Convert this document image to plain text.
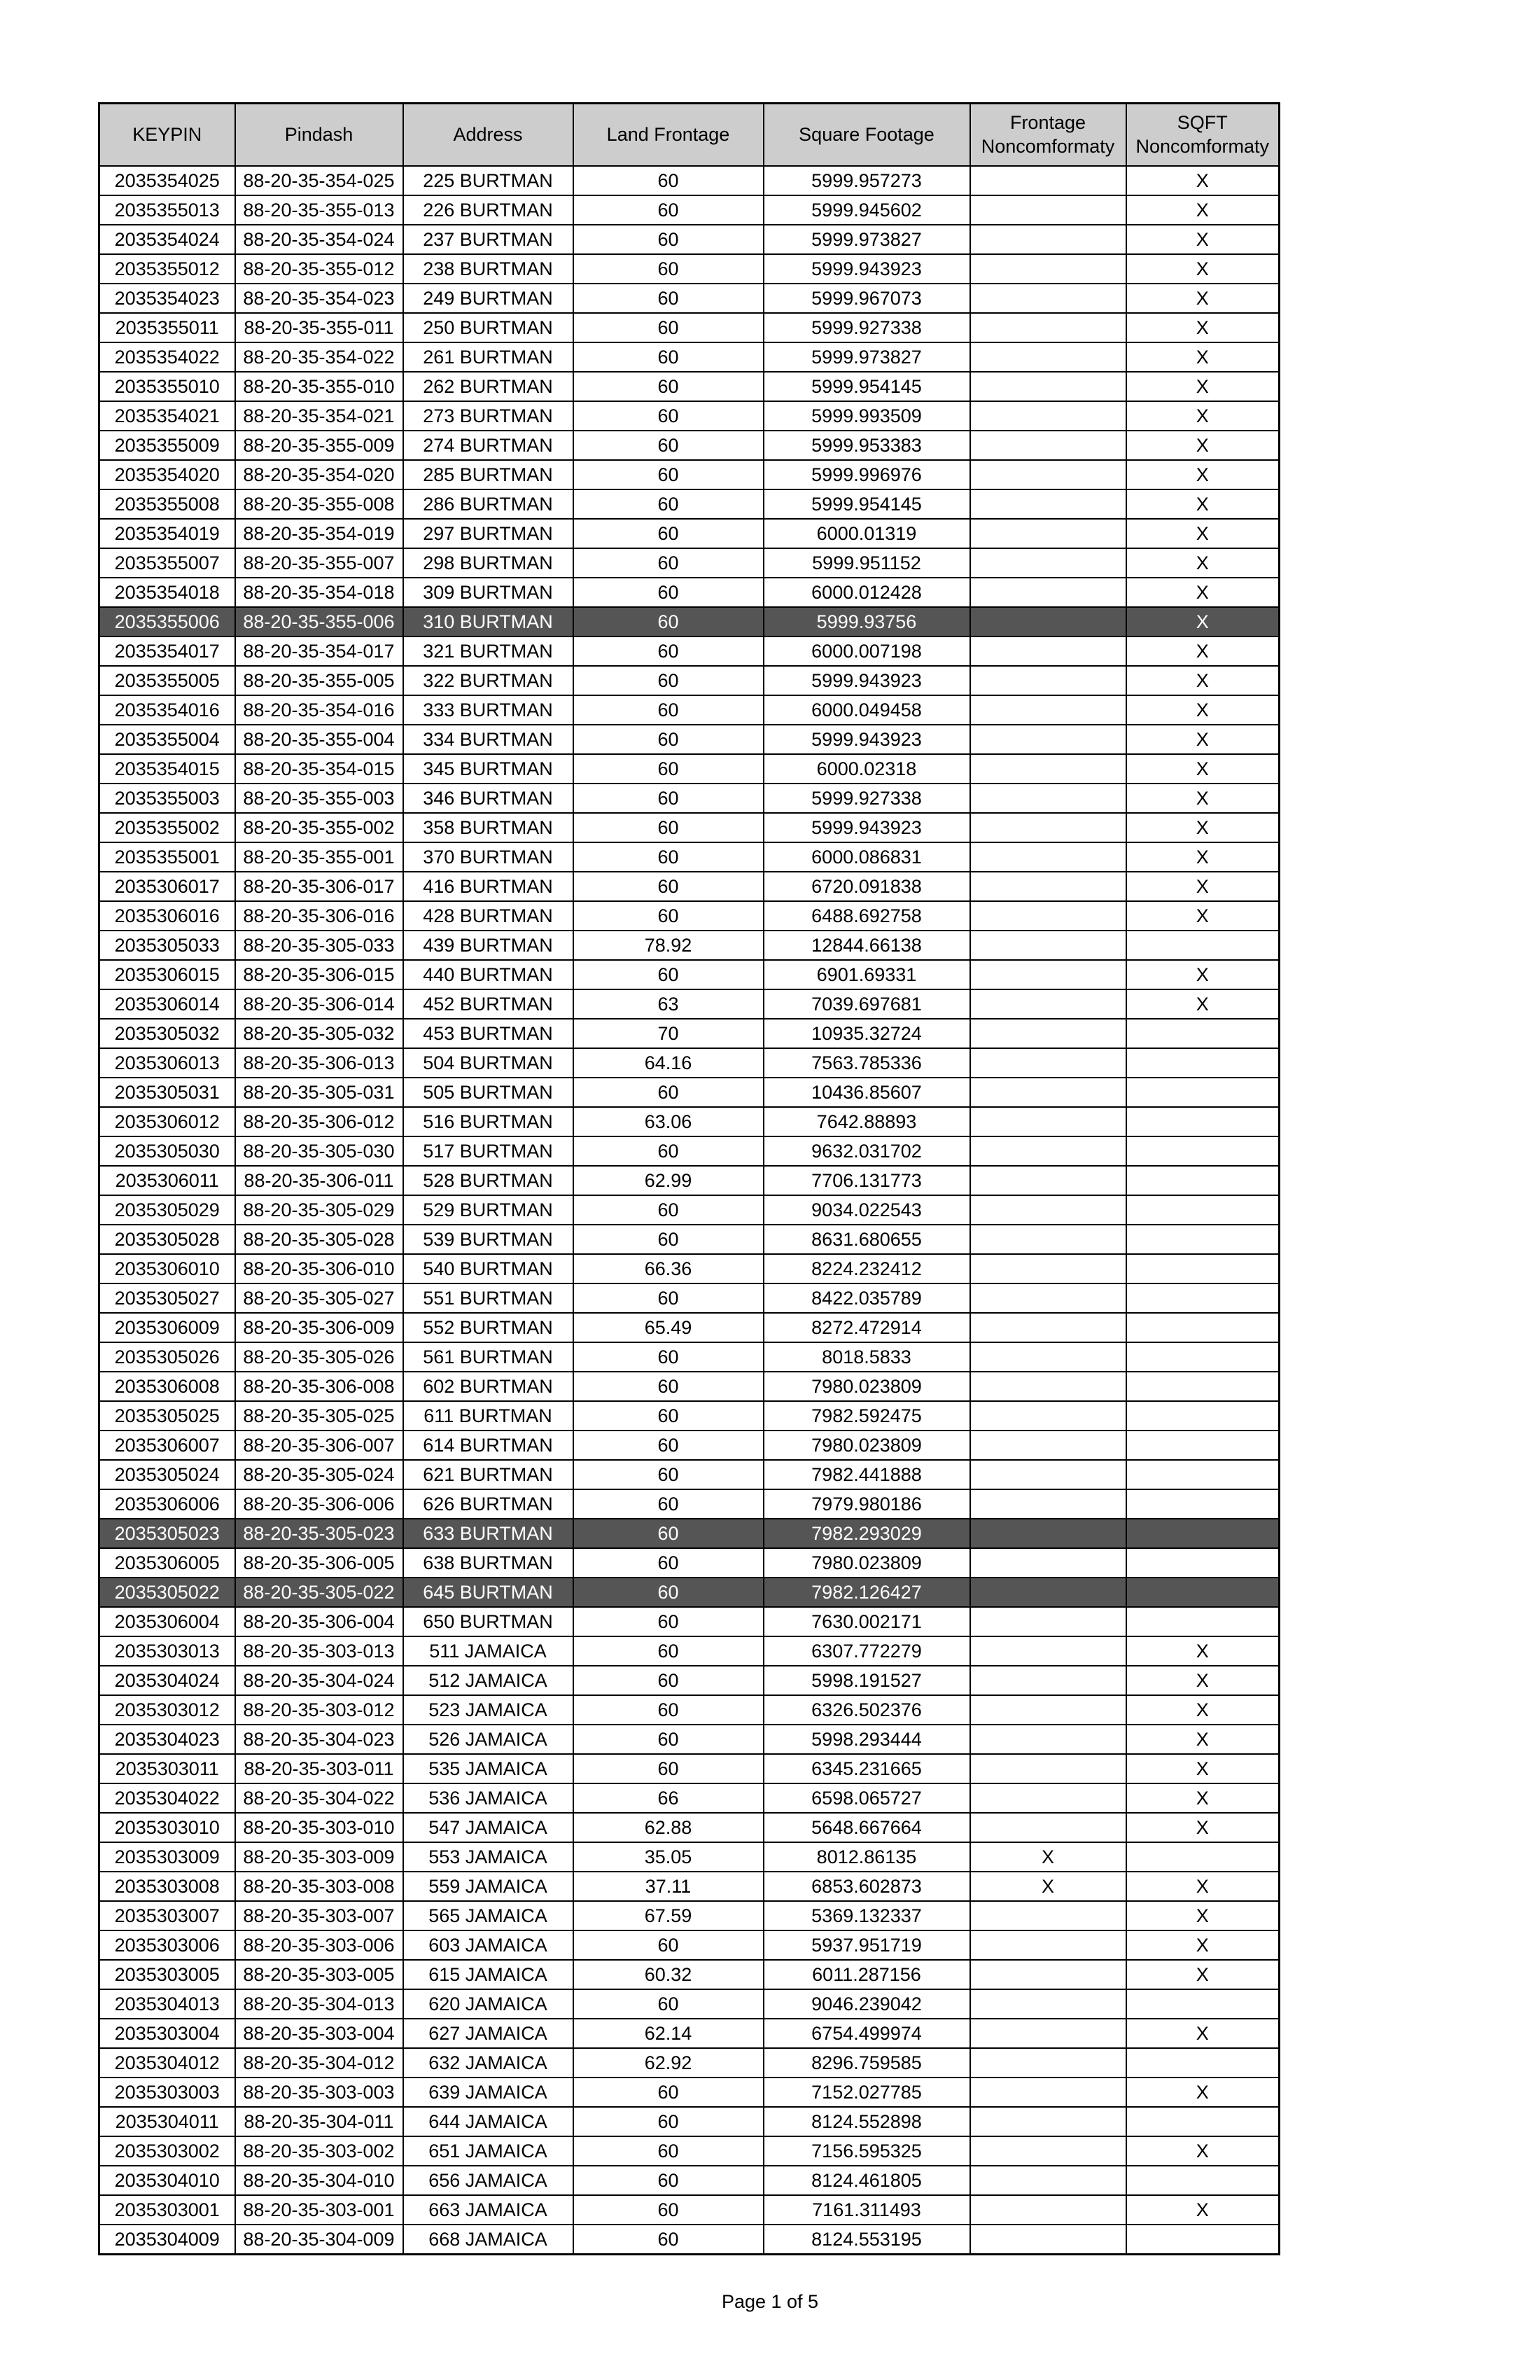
KEYPIN	Pindash	Address	Land Frontage	Square Footage	Frontage Noncomformaty	SQFT Noncomformaty
2035354025	88-20-35-354-025	225 BURTMAN	60	5999.957273		X
2035355013	88-20-35-355-013	226 BURTMAN	60	5999.945602		X
2035354024	88-20-35-354-024	237 BURTMAN	60	5999.973827		X
2035355012	88-20-35-355-012	238 BURTMAN	60	5999.943923		X
2035354023	88-20-35-354-023	249 BURTMAN	60	5999.967073		X
2035355011	88-20-35-355-011	250 BURTMAN	60	5999.927338		X
2035354022	88-20-35-354-022	261 BURTMAN	60	5999.973827		X
2035355010	88-20-35-355-010	262 BURTMAN	60	5999.954145		X
2035354021	88-20-35-354-021	273 BURTMAN	60	5999.993509		X
2035355009	88-20-35-355-009	274 BURTMAN	60	5999.953383		X
2035354020	88-20-35-354-020	285 BURTMAN	60	5999.996976		X
2035355008	88-20-35-355-008	286 BURTMAN	60	5999.954145		X
2035354019	88-20-35-354-019	297 BURTMAN	60	6000.01319		X
2035355007	88-20-35-355-007	298 BURTMAN	60	5999.951152		X
2035354018	88-20-35-354-018	309 BURTMAN	60	6000.012428		X
2035355006	88-20-35-355-006	310 BURTMAN	60	5999.93756		X
2035354017	88-20-35-354-017	321 BURTMAN	60	6000.007198		X
2035355005	88-20-35-355-005	322 BURTMAN	60	5999.943923		X
2035354016	88-20-35-354-016	333 BURTMAN	60	6000.049458		X
2035355004	88-20-35-355-004	334 BURTMAN	60	5999.943923		X
2035354015	88-20-35-354-015	345 BURTMAN	60	6000.02318		X
2035355003	88-20-35-355-003	346 BURTMAN	60	5999.927338		X
2035355002	88-20-35-355-002	358 BURTMAN	60	5999.943923		X
2035355001	88-20-35-355-001	370 BURTMAN	60	6000.086831		X
2035306017	88-20-35-306-017	416 BURTMAN	60	6720.091838		X
2035306016	88-20-35-306-016	428 BURTMAN	60	6488.692758		X
2035305033	88-20-35-305-033	439 BURTMAN	78.92	12844.66138		
2035306015	88-20-35-306-015	440 BURTMAN	60	6901.69331		X
2035306014	88-20-35-306-014	452 BURTMAN	63	7039.697681		X
2035305032	88-20-35-305-032	453 BURTMAN	70	10935.32724		
2035306013	88-20-35-306-013	504 BURTMAN	64.16	7563.785336		
2035305031	88-20-35-305-031	505 BURTMAN	60	10436.85607		
2035306012	88-20-35-306-012	516 BURTMAN	63.06	7642.88893		
2035305030	88-20-35-305-030	517 BURTMAN	60	9632.031702		
2035306011	88-20-35-306-011	528 BURTMAN	62.99	7706.131773		
2035305029	88-20-35-305-029	529 BURTMAN	60	9034.022543		
2035305028	88-20-35-305-028	539 BURTMAN	60	8631.680655		
2035306010	88-20-35-306-010	540 BURTMAN	66.36	8224.232412		
2035305027	88-20-35-305-027	551 BURTMAN	60	8422.035789		
2035306009	88-20-35-306-009	552 BURTMAN	65.49	8272.472914		
2035305026	88-20-35-305-026	561 BURTMAN	60	8018.5833		
2035306008	88-20-35-306-008	602 BURTMAN	60	7980.023809		
2035305025	88-20-35-305-025	611 BURTMAN	60	7982.592475		
2035306007	88-20-35-306-007	614 BURTMAN	60	7980.023809		
2035305024	88-20-35-305-024	621 BURTMAN	60	7982.441888		
2035306006	88-20-35-306-006	626 BURTMAN	60	7979.980186		
2035305023	88-20-35-305-023	633 BURTMAN	60	7982.293029		
2035306005	88-20-35-306-005	638 BURTMAN	60	7980.023809		
2035305022	88-20-35-305-022	645 BURTMAN	60	7982.126427		
2035306004	88-20-35-306-004	650 BURTMAN	60	7630.002171		
2035303013	88-20-35-303-013	511 JAMAICA	60	6307.772279		X
2035304024	88-20-35-304-024	512 JAMAICA	60	5998.191527		X
2035303012	88-20-35-303-012	523 JAMAICA	60	6326.502376		X
2035304023	88-20-35-304-023	526 JAMAICA	60	5998.293444		X
2035303011	88-20-35-303-011	535 JAMAICA	60	6345.231665		X
2035304022	88-20-35-304-022	536 JAMAICA	66	6598.065727		X
2035303010	88-20-35-303-010	547 JAMAICA	62.88	5648.667664		X
2035303009	88-20-35-303-009	553 JAMAICA	35.05	8012.86135	X	
2035303008	88-20-35-303-008	559 JAMAICA	37.11	6853.602873	X	X
2035303007	88-20-35-303-007	565 JAMAICA	67.59	5369.132337		X
2035303006	88-20-35-303-006	603 JAMAICA	60	5937.951719		X
2035303005	88-20-35-303-005	615 JAMAICA	60.32	6011.287156		X
2035304013	88-20-35-304-013	620 JAMAICA	60	9046.239042		
2035303004	88-20-35-303-004	627 JAMAICA	62.14	6754.499974		X
2035304012	88-20-35-304-012	632 JAMAICA	62.92	8296.759585		
2035303003	88-20-35-303-003	639 JAMAICA	60	7152.027785		X
2035304011	88-20-35-304-011	644 JAMAICA	60	8124.552898		
2035303002	88-20-35-303-002	651 JAMAICA	60	7156.595325		X
2035304010	88-20-35-304-010	656 JAMAICA	60	8124.461805		
2035303001	88-20-35-303-001	663 JAMAICA	60	7161.311493		X
2035304009	88-20-35-304-009	668 JAMAICA	60	8124.553195		
Page 1 of 5
